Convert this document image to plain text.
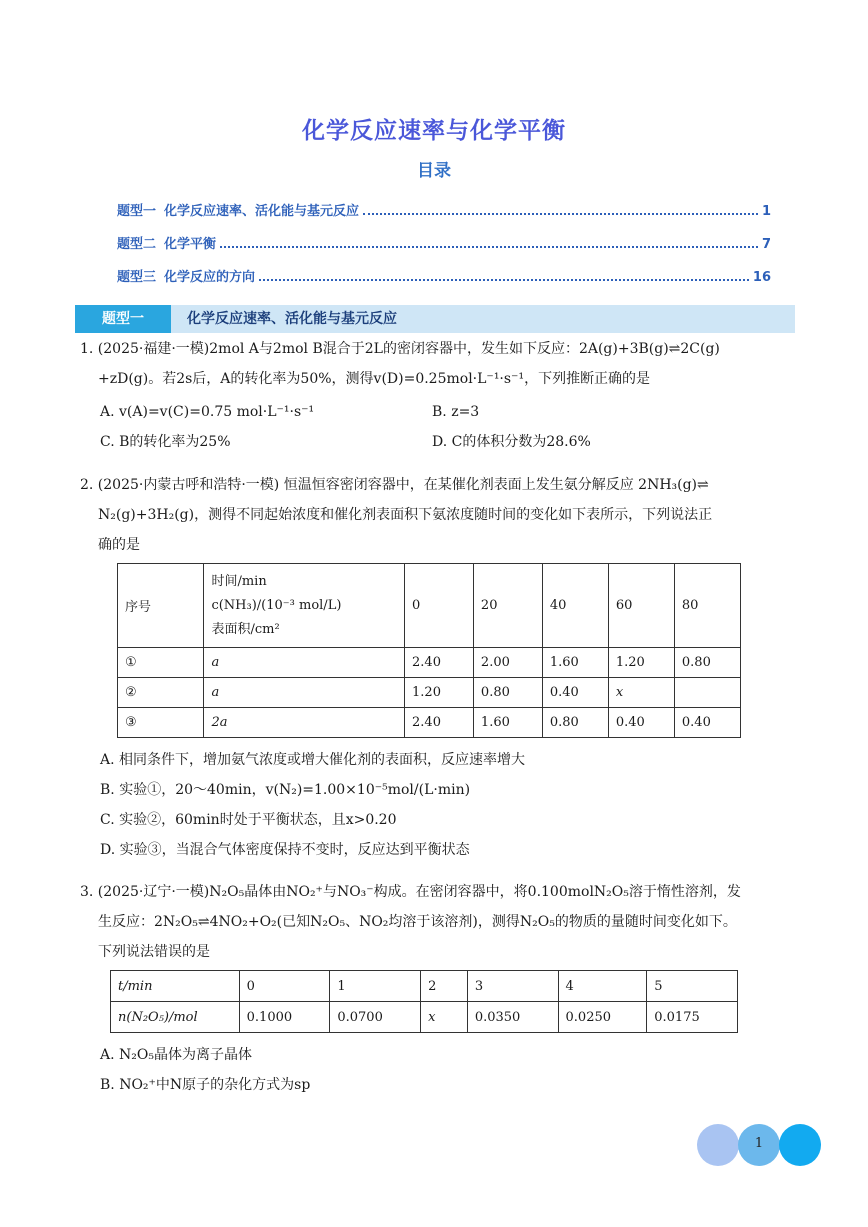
化学反应速率与化学平衡
目录
题型一 化学反应速率、活化能与基元反应	1
题型二 化学平衡	7
题型三 化学反应的方向	16
题型一	化学反应速率、活化能与基元反应
1. (2025·福建·一模)2mol A与2mol B混合于2L的密闭容器中，发生如下反应：2A(g)+3B(g)⇌2C(g)
+zD(g)。若2s后，A的转化率为50%，测得v(D)=0.25mol·L⁻¹·s⁻¹，下列推断正确的是
A. v(A)=v(C)=0.75 mol·L⁻¹·s⁻¹	B. z=3
C. B的转化率为25%	D. C的体积分数为28.6%
2. (2025·内蒙古呼和浩特·一模) 恒温恒容密闭容器中，在某催化剂表面上发生氨分解反应 2NH₃(g)⇌
N₂(g)+3H₂(g)，测得不同起始浓度和催化剂表面积下氨浓度随时间的变化如下表所示，下列说法正
确的是
序号	时间/min
c(NH₃)/(10⁻³ mol/L)
表面积/cm²	0	20	40	60	80
①	a	2.40	2.00	1.60	1.20	0.80
②	a	1.20	0.80	0.40	x	
③	2a	2.40	1.60	0.80	0.40	0.40
A. 相同条件下，增加氨气浓度或增大催化剂的表面积，反应速率增大
B. 实验①，20～40min，v(N₂)=1.00×10⁻⁵mol/(L·min)
C. 实验②，60min时处于平衡状态，且x>0.20
D. 实验③，当混合气体密度保持不变时，反应达到平衡状态
3. (2025·辽宁·一模)N₂O₅晶体由NO₂⁺与NO₃⁻构成。在密闭容器中，将0.100molN₂O₅溶于惰性溶剂，发
生反应：2N₂O₅⇌4NO₂+O₂(已知N₂O₅、NO₂均溶于该溶剂)，测得N₂O₅的物质的量随时间变化如下。
下列说法错误的是
t/min	0	1	2	3	4	5
n(N₂O₅)/mol	0.1000	0.0700	x	0.0350	0.0250	0.0175
A. N₂O₅晶体为离子晶体
B. NO₂⁺中N原子的杂化方式为sp
1
